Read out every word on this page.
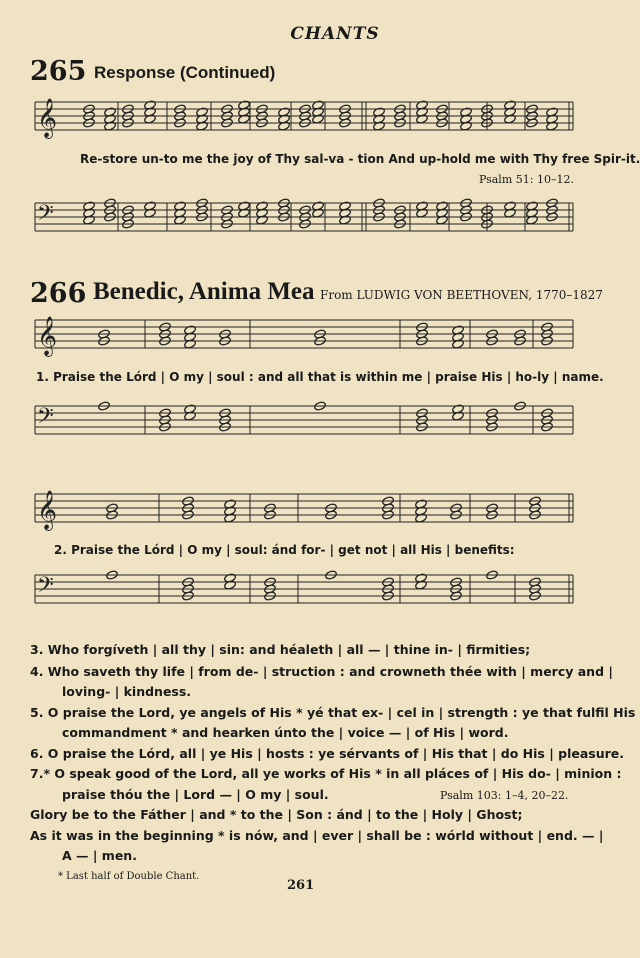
CHANTS
265 Response (Continued)
266 Benedic, Anima Mea From LUDWIG VON BEETHOVEN, 1770–1827
𝄞
𝄢
𝄞
𝄢
𝄞
𝄢
Re-store un-to me the joy of Thy sal-va - tion And up-hold me with Thy free Spir-it.
Psalm 51: 10–12.
1. Praise the Lórd | O my | soul : and all that is within me | praise His | ho-ly | name.
2. Praise the Lórd | O my | soul: ánd for- | get not | all His | benefits:
3. Who forgíveth | all thy | sin: and héaleth | all — | thine in- | firmities;
4. Who saveth thy life | from de- | struction : and crowneth thée with | mercy and |
loving- | kindness.
5. O praise the Lord, ye angels of His * yé that ex- | cel in | strength : ye that fulfil His
commandment * and hearken únto the | voice — | of His | word.
6. O praise the Lórd, all | ye His | hosts : ye sérvants of | His that | do His | pleasure.
7.* O speak good of the Lord, all ye works of His * in all pláces of | His do- | minion :
praise thóu the | Lord — | O my | soul.	Psalm 103: 1–4, 20–22.
Glory be to the Fáther | and * to the | Son : ánd | to the | Holy | Ghost;
As it was in the beginning * is nów, and | ever | shall be : wórld without | end. — |
A — | men.
* Last half of Double Chant.
261
